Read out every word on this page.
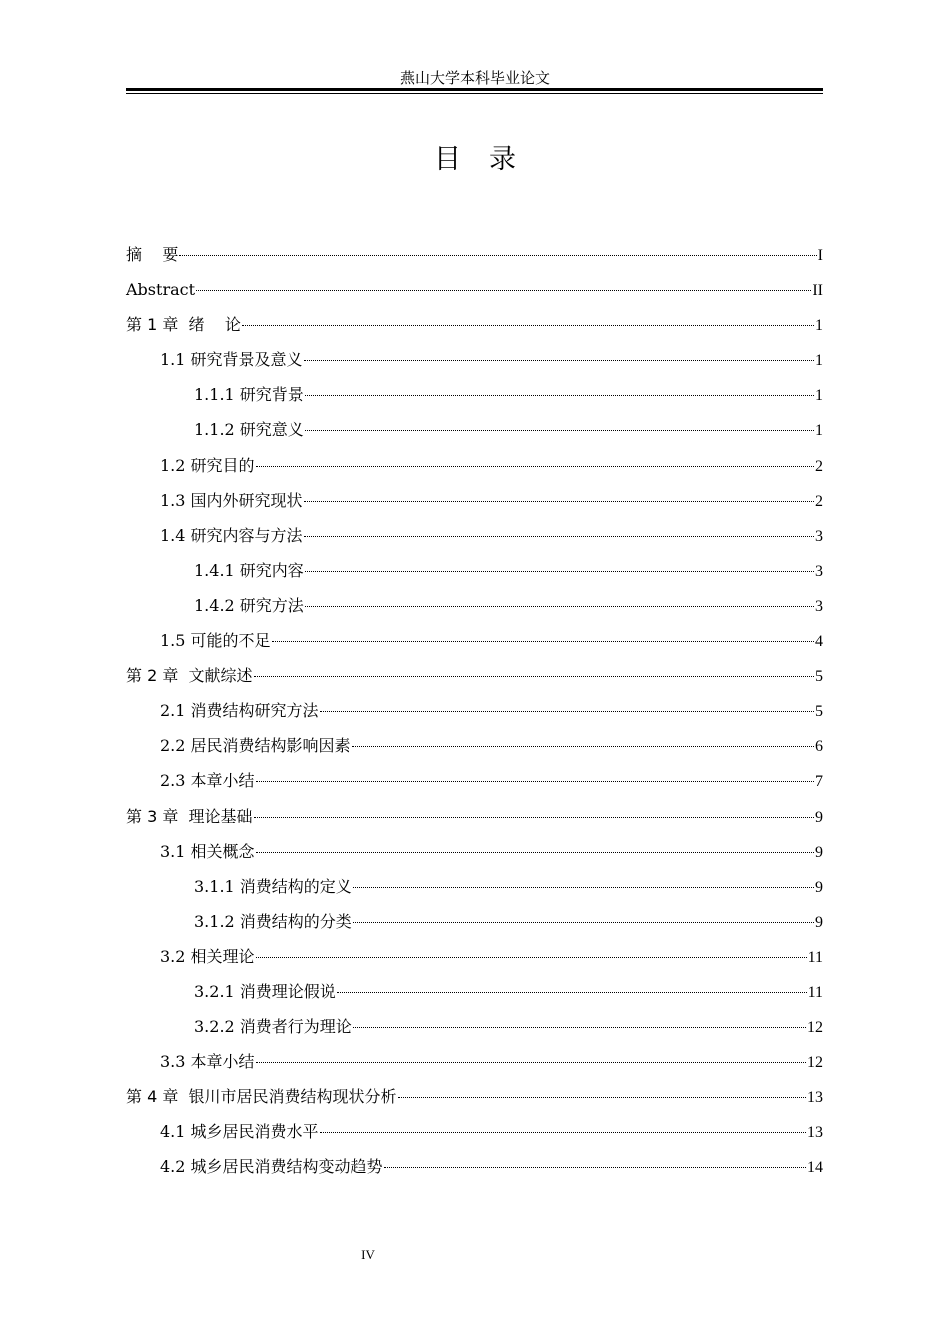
燕山大学本科毕业论文
目录
摘    要	I
Abstract	II
第 1 章  绪    论	1
1.1 研究背景及意义	1
1.1.1 研究背景	1
1.1.2 研究意义	1
1.2 研究目的	2
1.3 国内外研究现状	2
1.4 研究内容与方法	3
1.4.1 研究内容	3
1.4.2 研究方法	3
1.5 可能的不足	4
第 2 章  文献综述	5
2.1 消费结构研究方法	5
2.2 居民消费结构影响因素	6
2.3 本章小结	7
第 3 章  理论基础	9
3.1 相关概念	9
3.1.1 消费结构的定义	9
3.1.2 消费结构的分类	9
3.2 相关理论	11
3.2.1 消费理论假说	11
3.2.2 消费者行为理论	12
3.3 本章小结	12
第 4 章  银川市居民消费结构现状分析	13
4.1 城乡居民消费水平	13
4.2 城乡居民消费结构变动趋势	14
IV
